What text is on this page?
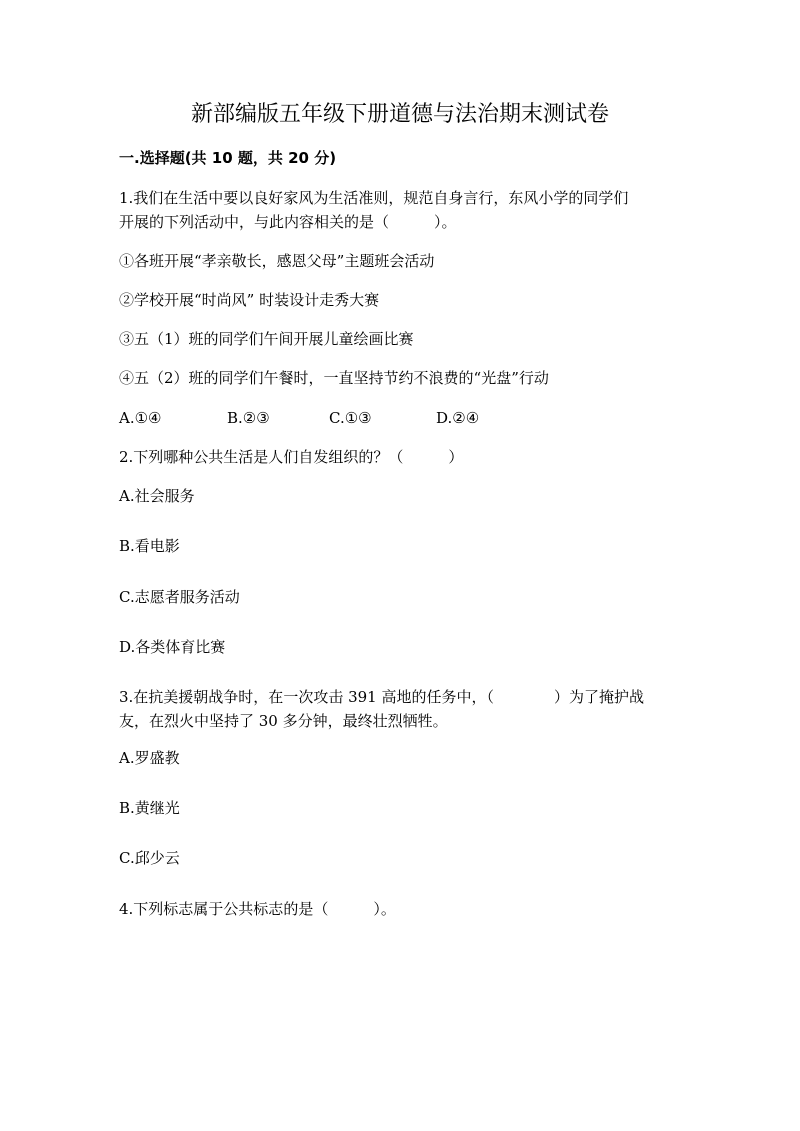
新部编版五年级下册道德与法治期末测试卷
一.选择题(共 10 题，共 20 分)
1.我们在生活中要以良好家风为生活准则，规范自身言行，东风小学的同学们
开展的下列活动中，与此内容相关的是（　　　）。
①各班开展“孝亲敬长，感恩父母”主题班会活动
②学校开展“时尚风” 时装设计走秀大赛
③五（1）班的同学们午间开展儿童绘画比赛
④五（2）班的同学们午餐时，一直坚持节约不浪费的“光盘”行动

A.①④

	B.②③

	C.①③

	D.②④

2.下列哪种公共生活是人们自发组织的？（　　　）
A.社会服务
B.看电影
C.志愿者服务活动
D.各类体育比赛
3.在抗美援朝战争时，在一次攻击 391 高地的任务中，（　　　　）为了掩护战
友，在烈火中坚持了 30 多分钟，最终壮烈牺牲。
A.罗盛教
B.黄继光
C.邱少云
4.下列标志属于公共标志的是（　　　）。
